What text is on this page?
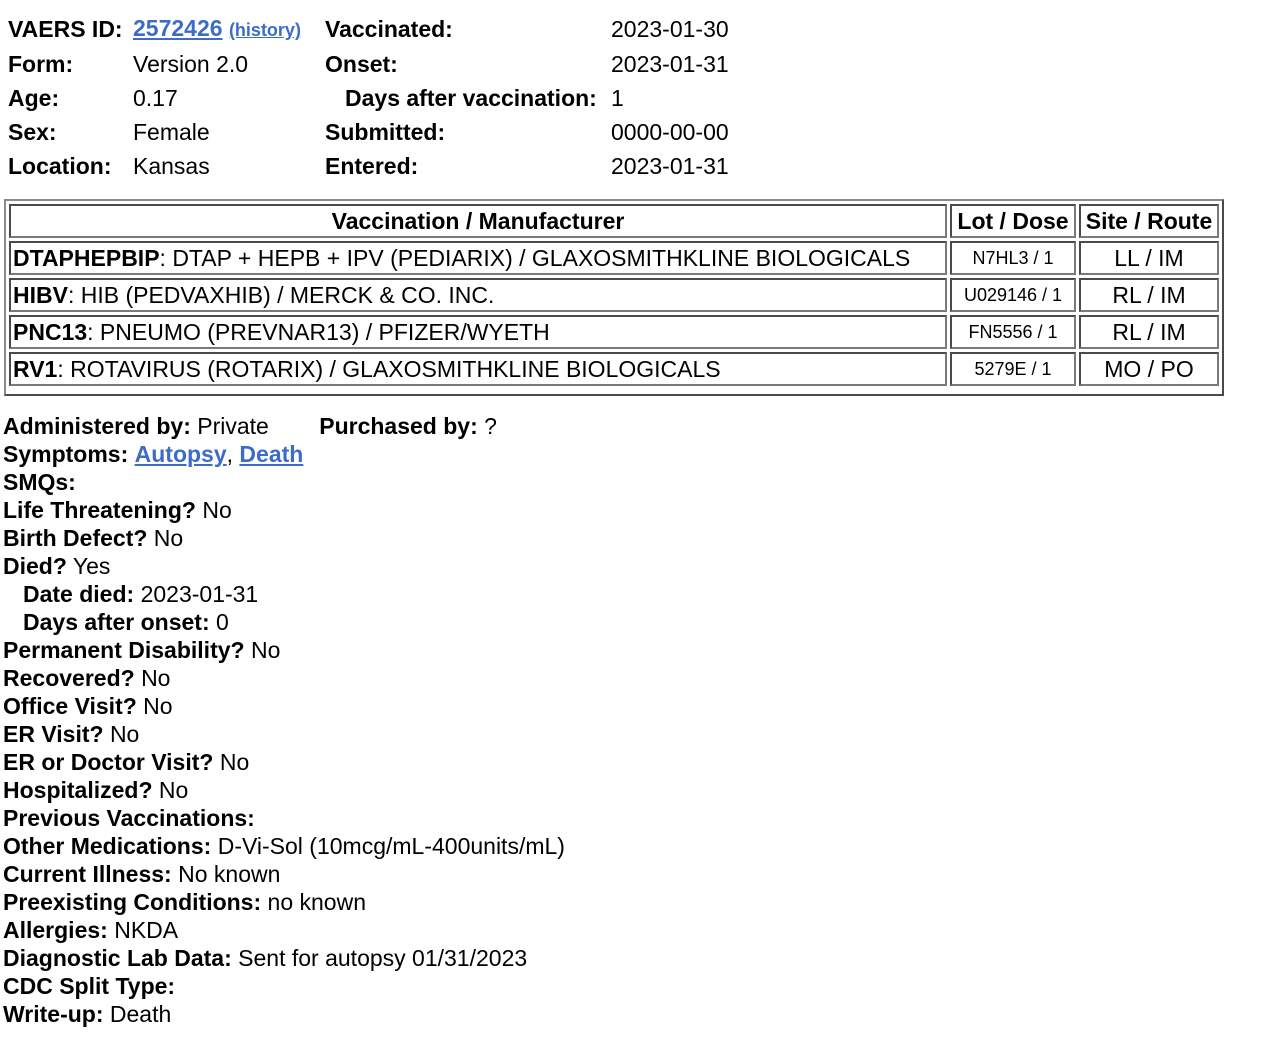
VAERS ID:	2572426 (history)	Vaccinated:	2023-01-30
Form:	Version 2.0	Onset:	2023-01-31
Age:	0.17	Days after vaccination:	1
Sex:	Female	Submitted:	0000-00-00
Location:	Kansas	Entered:	2023-01-31
Vaccination / Manufacturer	Lot / Dose	Site / Route
DTAPHEPBIP: DTAP + HEPB + IPV (PEDIARIX) / GLAXOSMITHKLINE BIOLOGICALS	N7HL3 / 1	LL / IM
HIBV: HIB (PEDVAXHIB) / MERCK & CO. INC.	U029146 / 1	RL / IM
PNC13: PNEUMO (PREVNAR13) / PFIZER/WYETH	FN5556 / 1	RL / IM
RV1: ROTAVIRUS (ROTARIX) / GLAXOSMITHKLINE BIOLOGICALS	5279E / 1	MO / PO
Administered by: Private Purchased by: ?
Symptoms: Autopsy, Death
SMQs:
Life Threatening? No
Birth Defect? No
Died? Yes
Date died: 2023-01-31
Days after onset: 0
Permanent Disability? No
Recovered? No
Office Visit? No
ER Visit? No
ER or Doctor Visit? No
Hospitalized? No
Previous Vaccinations:
Other Medications: D-Vi-Sol (10mcg/mL-400units/mL)
Current Illness: No known
Preexisting Conditions: no known
Allergies: NKDA
Diagnostic Lab Data: Sent for autopsy 01/31/2023
CDC Split Type:
Write-up: Death
